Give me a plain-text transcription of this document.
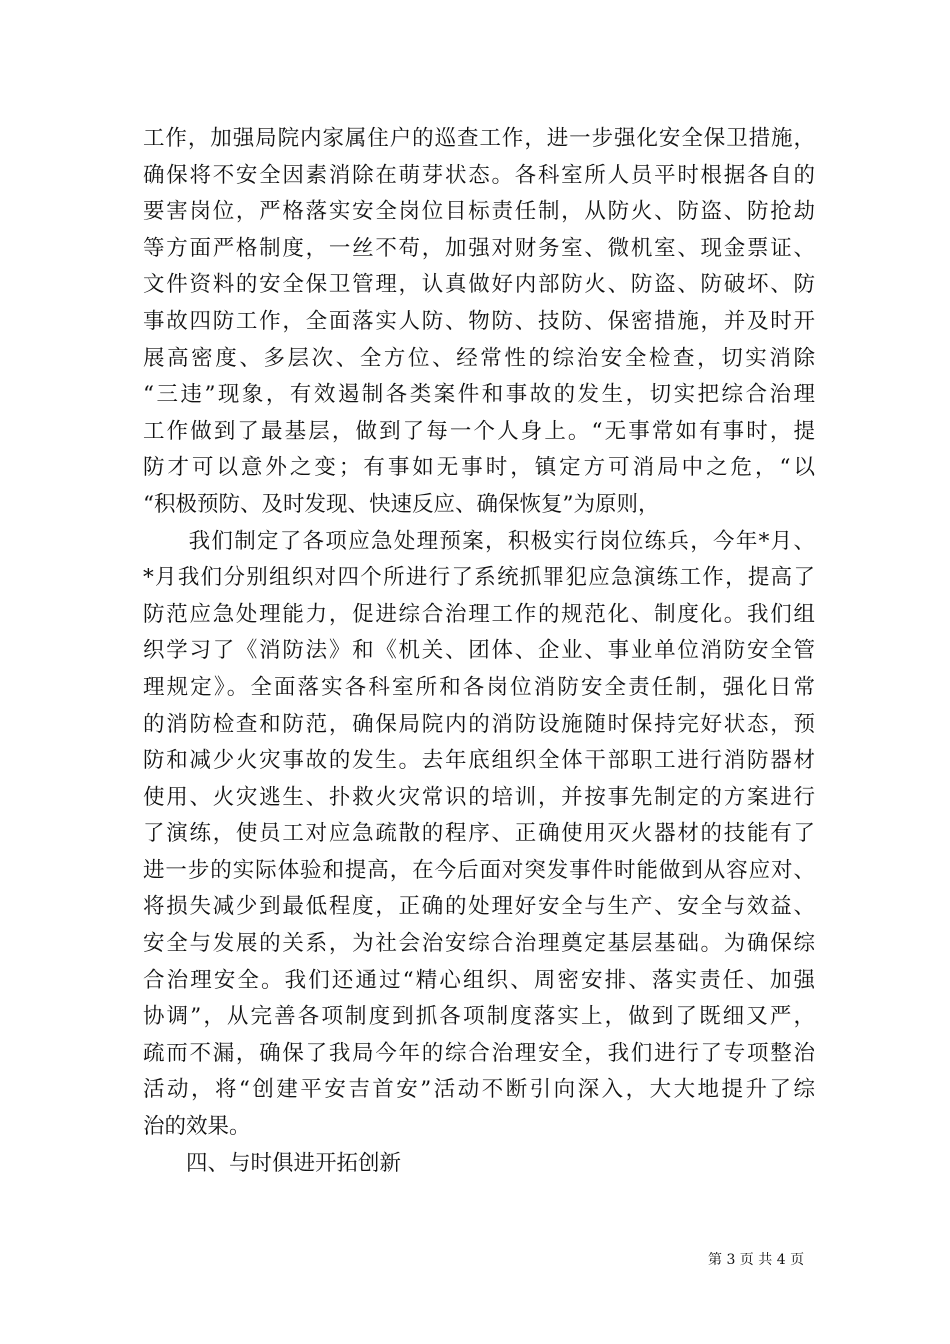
工作，加强局院内家属住户的巡查工作，进一步强化安全保卫措施，
确保将不安全因素消除在萌芽状态。各科室所人员平时根据各自的
要害岗位，严格落实安全岗位目标责任制，从防火、防盗、防抢劫
等方面严格制度，一丝不苟，加强对财务室、微机室、现金票证、
文件资料的安全保卫管理，认真做好内部防火、防盗、防破坏、防
事故四防工作，全面落实人防、物防、技防、保密措施，并及时开
展高密度、多层次、全方位、经常性的综治安全检查，切实消除
“三违”现象，有效遏制各类案件和事故的发生，切实把综合治理
工作做到了最基层，做到了每一个人身上。“无事常如有事时，提
防才可以意外之变；有事如无事时，镇定方可消局中之危，“以
“积极预防、及时发现、快速反应、确保恢复”为原则，
　　我们制定了各项应急处理预案，积极实行岗位练兵，今年*月、
*月我们分别组织对四个所进行了系统抓罪犯应急演练工作，提高了
防范应急处理能力，促进综合治理工作的规范化、制度化。我们组
织学习了《消防法》和《机关、团体、企业、事业单位消防安全管
理规定》。全面落实各科室所和各岗位消防安全责任制，强化日常
的消防检查和防范，确保局院内的消防设施随时保持完好状态，预
防和减少火灾事故的发生。去年底组织全体干部职工进行消防器材
使用、火灾逃生、扑救火灾常识的培训，并按事先制定的方案进行
了演练，使员工对应急疏散的程序、正确使用灭火器材的技能有了
进一步的实际体验和提高，在今后面对突发事件时能做到从容应对、
将损失减少到最低程度，正确的处理好安全与生产、安全与效益、
安全与发展的关系，为社会治安综合治理奠定基层基础。为确保综
合治理安全。我们还通过“精心组织、周密安排、落实责任、加强
协调”，从完善各项制度到抓各项制度落实上，做到了既细又严，
疏而不漏，确保了我局今年的综合治理安全，我们进行了专项整治
活动，将“创建平安吉首安”活动不断引向深入，大大地提升了综
治的效果。
　　四、与时俱进开拓创新
第 3 页 共 4 页
